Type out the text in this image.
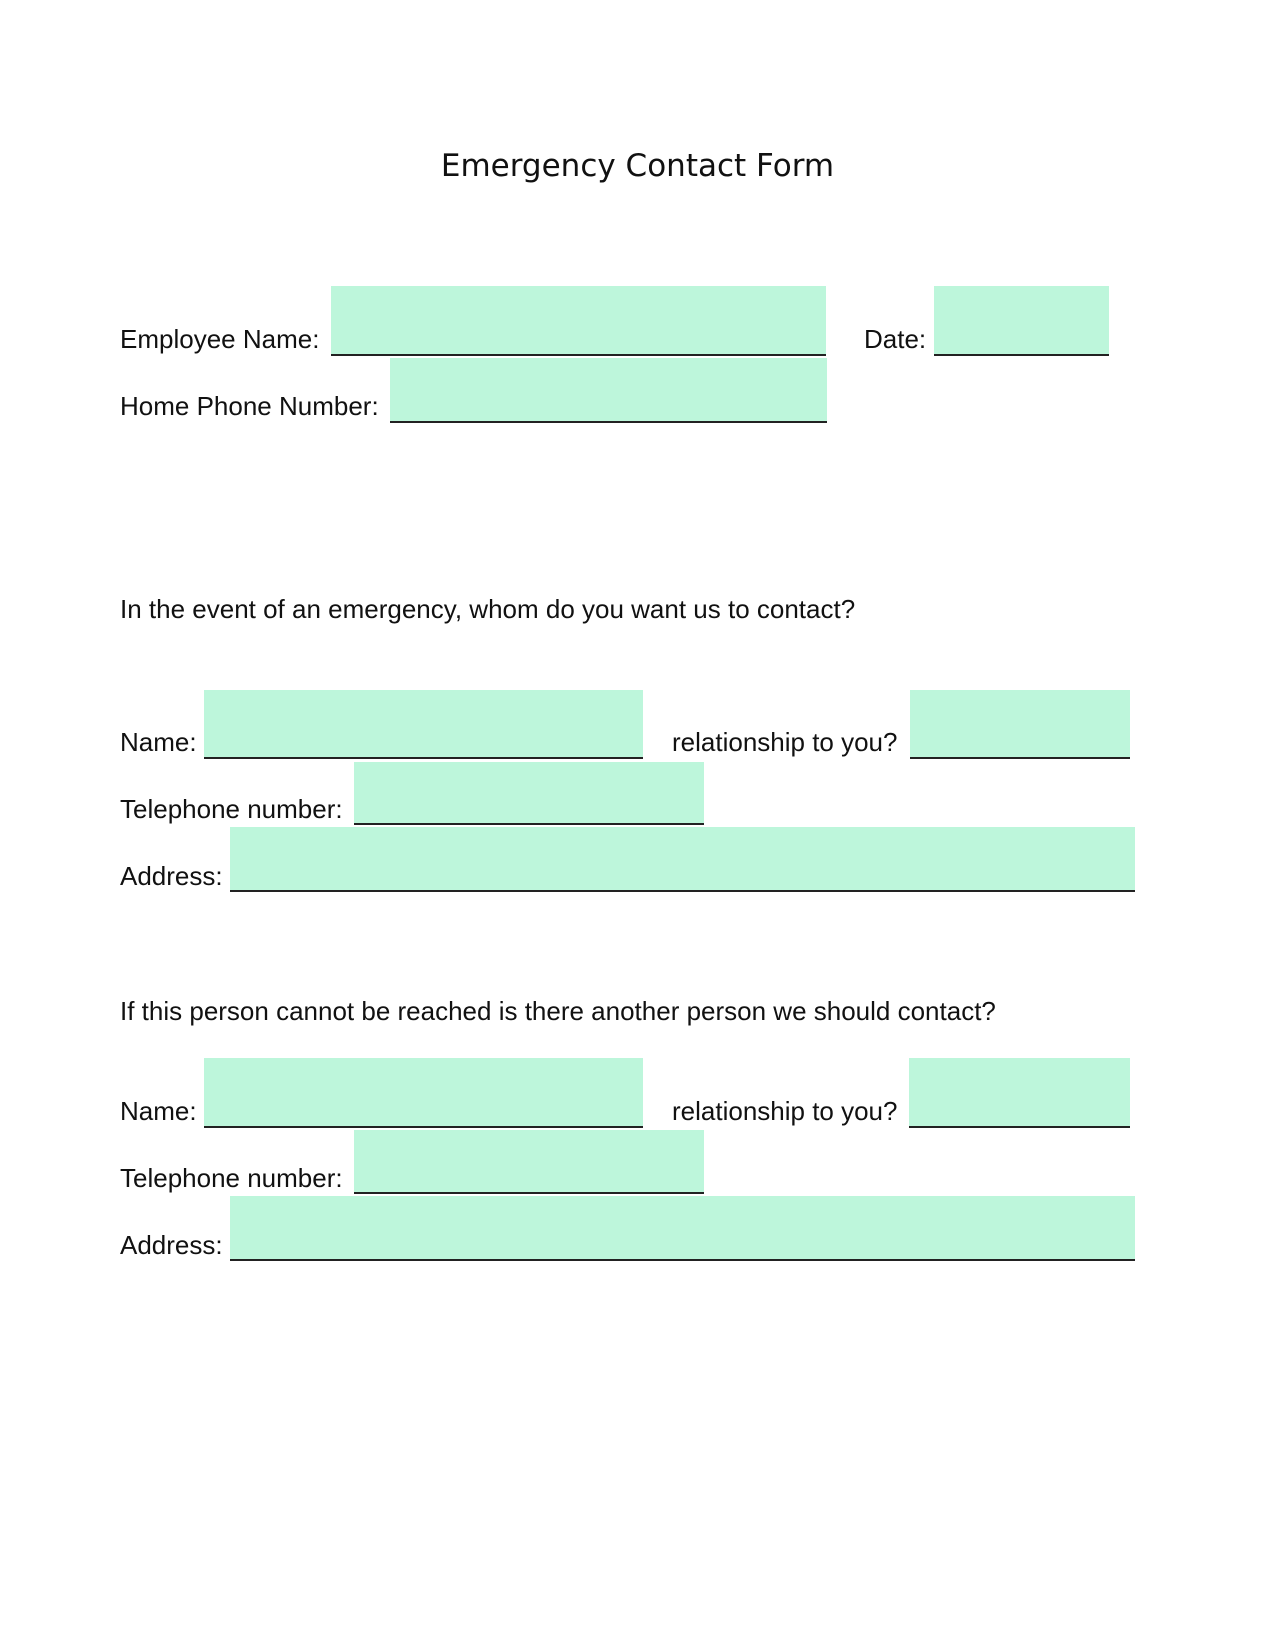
Emergency Contact Form
Employee Name:	Date:
Home Phone Number:
In the event of an emergency, whom do you want us to contact?
Name:	relationship to you?
Telephone number:
Address:
If this person cannot be reached is there another person we should contact?
Name:	relationship to you?
Telephone number:
Address:
